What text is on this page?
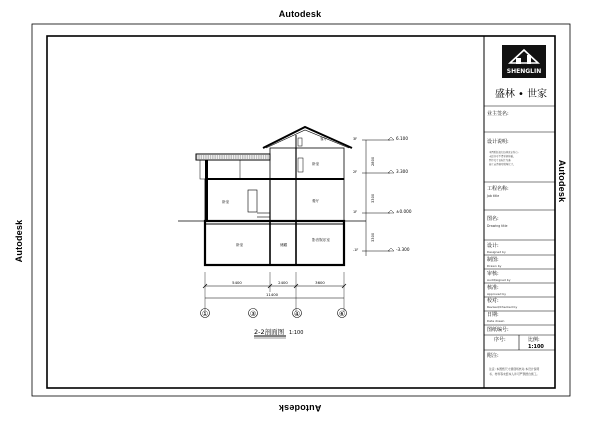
Autodesk
Autodesk
Autodesk
Autodesk
SHENGLIN
盛林 • 世家
业主签名:
设计说明:
本图纸版权归盛林世家所有,
未经许可不得复制传播。
图中尺寸以标注为准,
施工前请核对现场尺寸。
工程名称:
Job title
图名:
Drawing title
设计:
Designed by
制图:
Drawn by
审核:
Audit/signed by
核准:
Approved by
校对:
Revised/Checked by
日期:
Date drawn
图纸编号:
序号:	比例:
1:100
附注:
注意: 本图纸尺寸须现场核对,本设计说明
书、材料等未经本人许可严禁擅自施工。
卧室
客厅
卧室
餐厅
卧室	储藏
影音娱乐室
6.100
3.300
±0.000
-3.300
3F
2F
1F
-1F
2800
3300
3300
5400	2400	3600
11400
①	③	④	⑥
2-2剖面图 1:100
